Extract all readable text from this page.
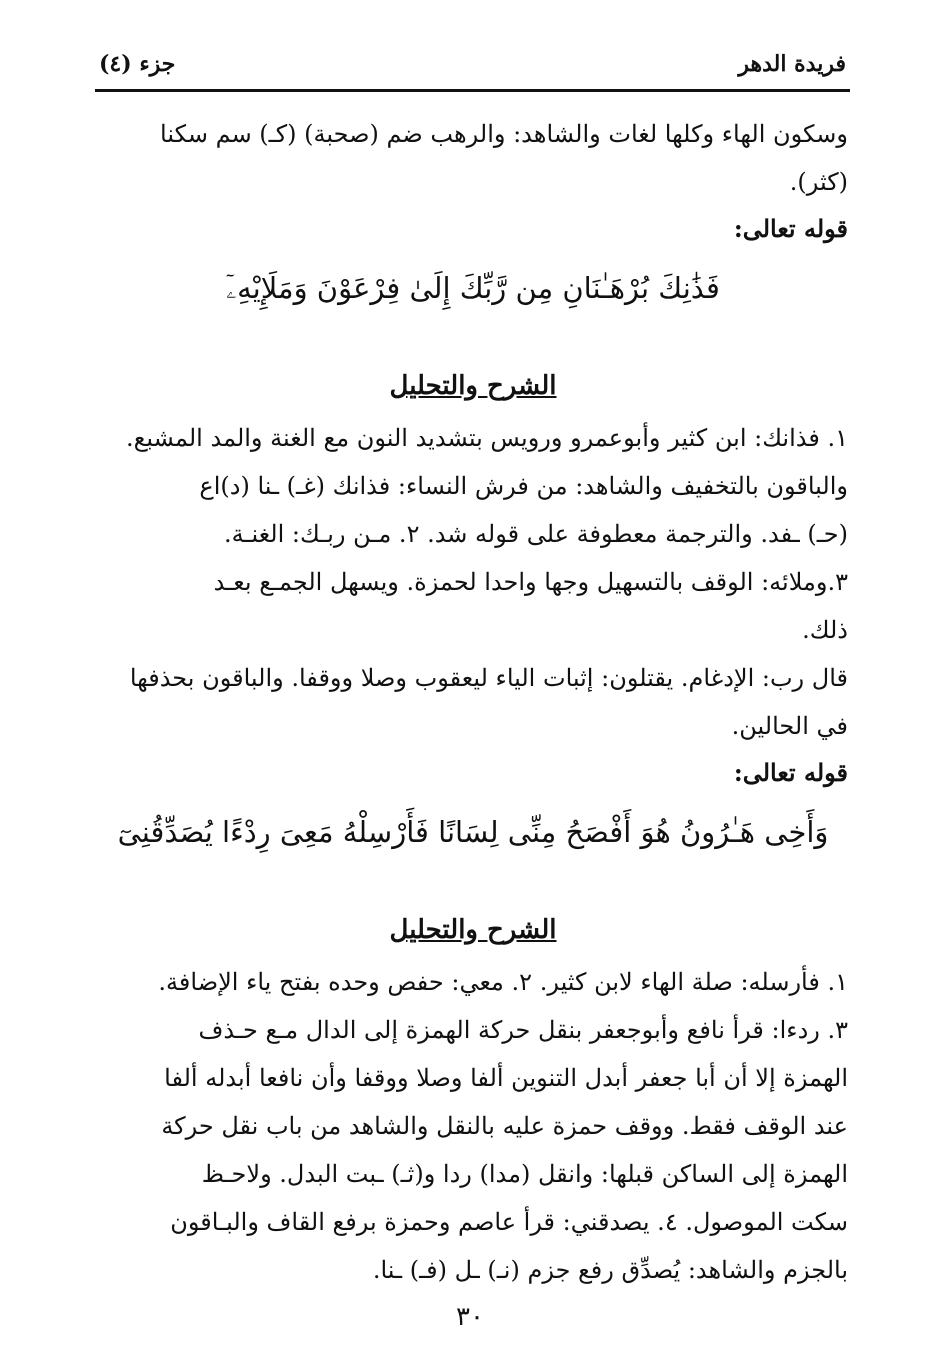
فريدة الدهر
جزء (٤)

وسكون الهاء وكلها لغات والشاهد: والرهب ضم (صحبة) (كـ) سم سكنا

(كثر).

قوله تعالى:

فَذَٰنِكَ بُرْهَـٰنَانِ مِن رَّبِّكَ إِلَىٰ فِرْعَوْنَ وَمَلَإِيْهِۦٓ

الشرح والتحليل

١. فذانك: ابن كثير وأبوعمرو ورويس بتشديد النون مع الغنة والمد المشبع.

والباقون بالتخفيف والشاهد: من فرش النساء: فذانك (غـ) ـنا (د)اع

(حـ) ـفد. والترجمة معطوفة على قوله شد. ٢. مـن ربـك: الغنـة.

٣.وملائه: الوقف بالتسهيل وجها واحدا لحمزة. ويسهل الجمـع بعـد

ذلك.

قال رب: الإدغام. يقتلون: إثبات الياء ليعقوب وصلا ووقفا. والباقون بحذفها

في الحالين.

قوله تعالى:

وَأَخِى هَـٰرُونُ هُوَ أَفْصَحُ مِنِّى لِسَانًا فَأَرْسِلْهُ مَعِىَ رِدْءًا يُصَدِّقُنِىٓ

الشرح والتحليل

١. فأرسله: صلة الهاء لابن كثير. ٢. معي: حفص وحده بفتح ياء الإضافة.

٣. ردءا: قرأ نافع وأبوجعفر بنقل حركة الهمزة إلى الدال مـع حـذف

الهمزة إلا أن أبا جعفر أبدل التنوين ألفا وصلا ووقفا وأن نافعا أبدله ألفا

عند الوقف فقط. ووقف حمزة عليه بالنقل والشاهد من باب نقل حركة

الهمزة إلى الساكن قبلها: وانقل (مدا) ردا و(ثـ) ـبت البدل. ولاحـظ

سكت الموصول. ٤. يصدقني: قرأ عاصم وحمزة برفع القاف والبـاقون

بالجزم والشاهد: يُصدِّق رفع جزم (نـ) ـل (فـ) ـنا.

٣٠
